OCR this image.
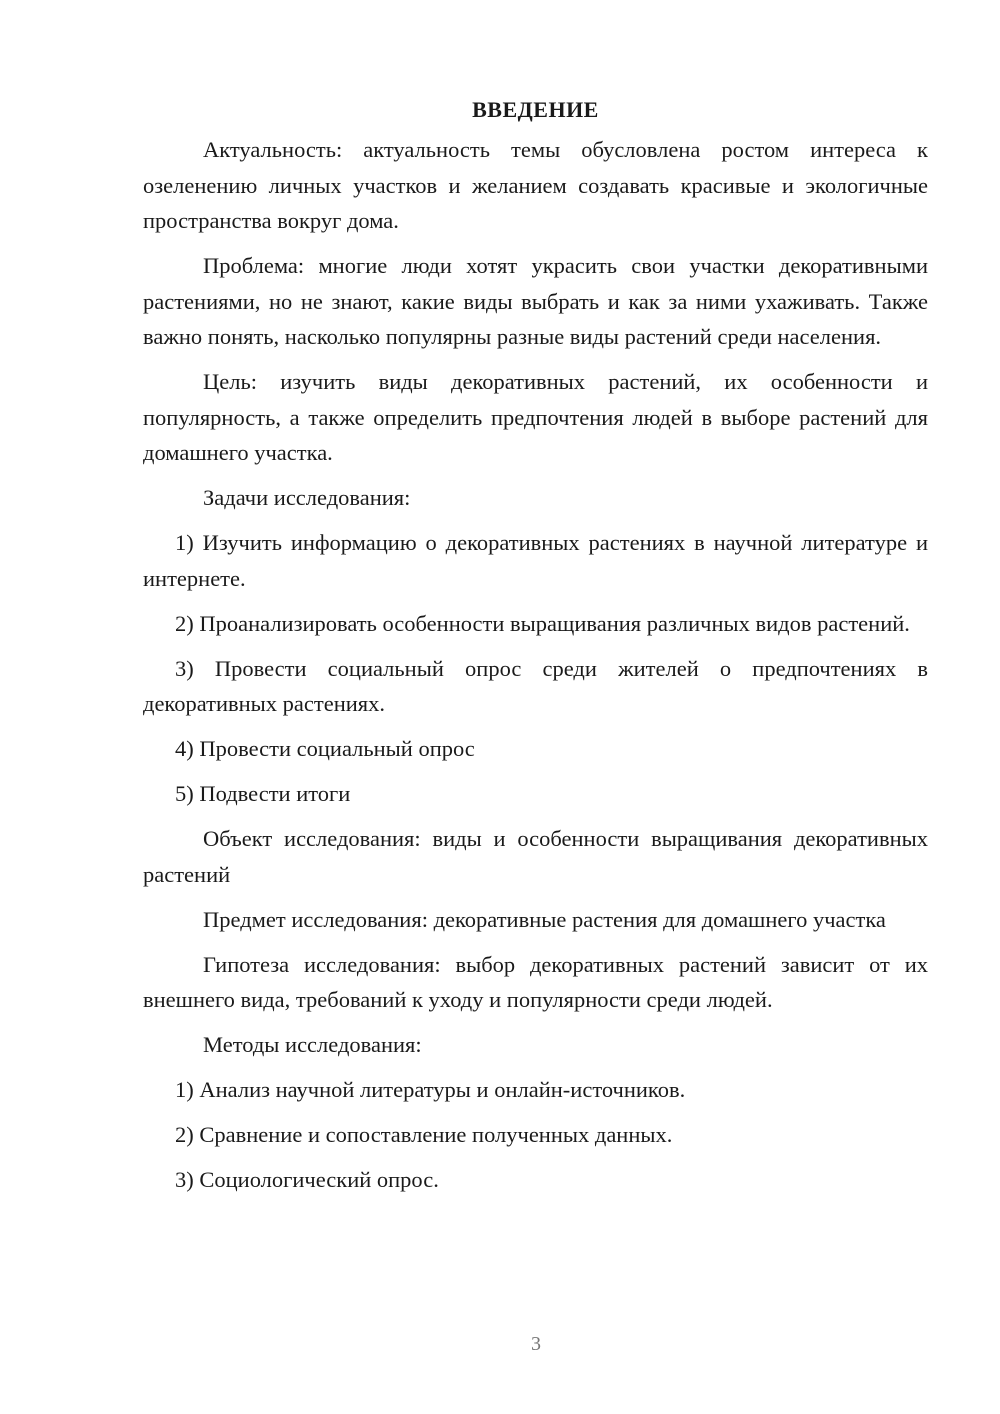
ВВЕДЕНИЕ

Актуальность: актуальность темы обусловлена ростом интереса к озеленению личных участков и желанием создавать красивые и экологичные пространства вокруг дома.

Проблема: многие люди хотят украсить свои участки декоративными растениями, но не знают, какие виды выбрать и как за ними ухаживать. Также важно понять, насколько популярны разные виды растений среди населения.

Цель: изучить виды декоративных растений, их особенности и популярность, а также определить предпочтения людей в выборе растений для домашнего участка.

Задачи исследования:

1) Изучить информацию о декоративных растениях в научной литературе и интернете.

2) Проанализировать особенности выращивания различных видов растений.

3) Провести социальный опрос среди жителей о предпочтениях в декоративных растениях.

4) Провести социальный опрос

5) Подвести итоги

Объект исследования: виды и особенности выращивания декоративных растений

Предмет исследования: декоративные растения для домашнего участка

Гипотеза исследования: выбор декоративных растений зависит от их внешнего вида, требований к уходу и популярности среди людей.

Методы исследования:

1) Анализ научной литературы и онлайн-источников.

2) Сравнение и сопоставление полученных данных.

3) Социологический опрос.

3
